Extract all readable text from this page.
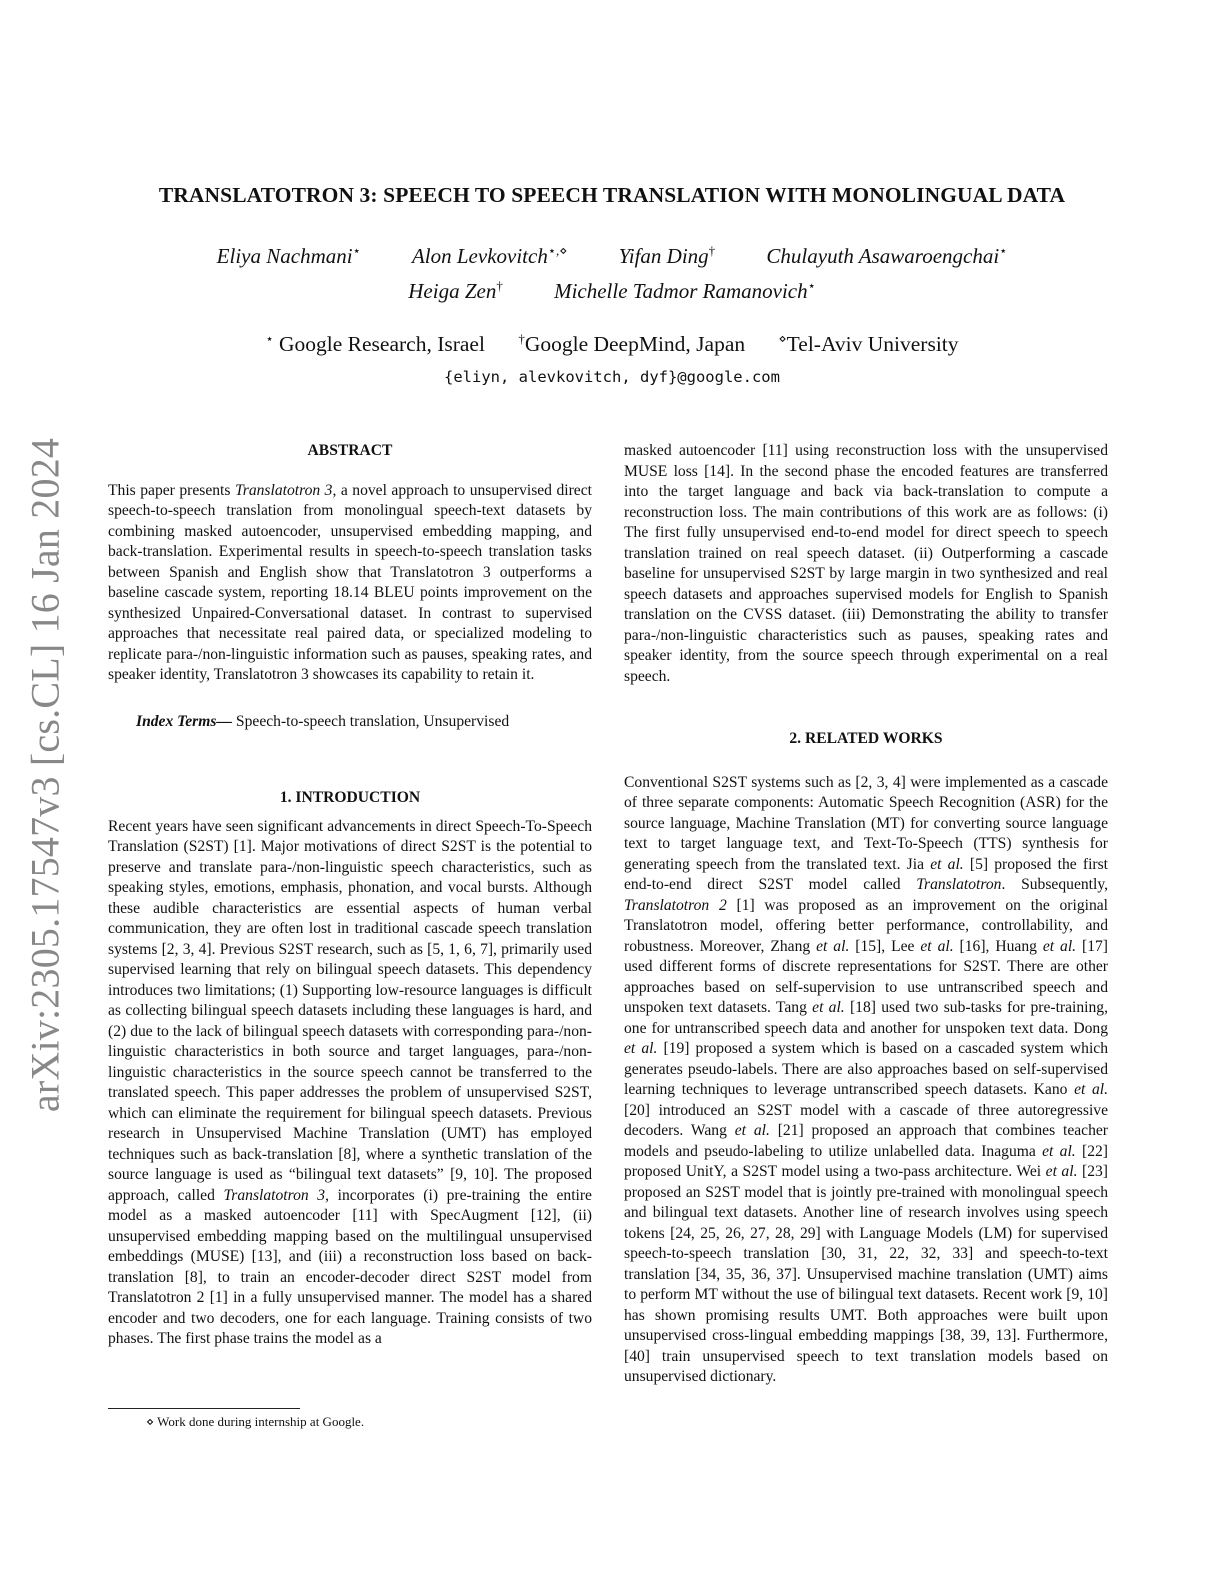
arXiv:2305.17547v3 [cs.CL] 16 Jan 2024
TRANSLATOTRON 3: SPEECH TO SPEECH TRANSLATION WITH MONOLINGUAL DATA
Eliya Nachmani⋆ Alon Levkovitch⋆,⋄ Yifan Ding† Chulayuth Asawaroengchai⋆
Heiga Zen† Michelle Tadmor Ramanovich⋆
⋆ Google Research, Israel	†Google DeepMind, Japan	⋄Tel-Aviv University
{eliyn, alevkovitch, dyf}@google.com
ABSTRACT

This paper presents Translatotron 3, a novel approach to unsupervised direct speech-to-speech translation from monolingual speech-text datasets by combining masked autoencoder, unsupervised embedding mapping, and back-translation. Experimental results in speech-to-speech translation tasks between Spanish and English show that Translatotron 3 outperforms a baseline cascade system, reporting 18.14 BLEU points improvement on the synthesized Unpaired-Conversational dataset. In contrast to supervised approaches that necessitate real paired data, or specialized modeling to replicate para-/non-linguistic information such as pauses, speaking rates, and speaker identity, Translatotron 3 showcases its capability to retain it.

Index Terms— Speech-to-speech translation, Unsupervised
1. INTRODUCTION

Recent years have seen significant advancements in direct Speech-To-Speech Translation (S2ST) [1]. Major motivations of direct S2ST is the potential to preserve and translate para-/non-linguistic speech characteristics, such as speaking styles, emotions, emphasis, phonation, and vocal bursts. Although these audible characteristics are essential aspects of human verbal communication, they are often lost in traditional cascade speech translation systems [2, 3, 4]. Previous S2ST research, such as [5, 1, 6, 7], primarily used supervised learning that rely on bilingual speech datasets. This dependency introduces two limitations; (1) Supporting low-resource languages is difficult as collecting bilingual speech datasets including these languages is hard, and (2) due to the lack of bilingual speech datasets with corresponding para-/non-linguistic characteristics in both source and target languages, para-/non-linguistic characteristics in the source speech cannot be transferred to the translated speech. This paper addresses the problem of unsupervised S2ST, which can eliminate the requirement for bilingual speech datasets. Previous research in Unsupervised Machine Translation (UMT) has employed techniques such as back-translation [8], where a synthetic translation of the source language is used as “bilingual text datasets” [9, 10]. The proposed approach, called Translatotron 3, incorporates (i) pre-training the entire model as a masked autoencoder [11] with SpecAugment [12], (ii) unsupervised embedding mapping based on the multilingual unsupervised embeddings (MUSE) [13], and (iii) a reconstruction loss based on back-translation [8], to train an encoder-decoder direct S2ST model from Translatotron 2 [1] in a fully unsupervised manner. The model has a shared encoder and two decoders, one for each language. Training consists of two phases. The first phase trains the model as a

⋄ Work done during internship at Google.

masked autoencoder [11] using reconstruction loss with the unsupervised MUSE loss [14]. In the second phase the encoded features are transferred into the target language and back via back-translation to compute a reconstruction loss. The main contributions of this work are as follows: (i) The first fully unsupervised end-to-end model for direct speech to speech translation trained on real speech dataset. (ii) Outperforming a cascade baseline for unsupervised S2ST by large margin in two synthesized and real speech datasets and approaches supervised models for English to Spanish translation on the CVSS dataset. (iii) Demonstrating the ability to transfer para-/non-linguistic characteristics such as pauses, speaking rates and speaker identity, from the source speech through experimental on a real speech.

2. RELATED WORKS

Conventional S2ST systems such as [2, 3, 4] were implemented as a cascade of three separate components: Automatic Speech Recognition (ASR) for the source language, Machine Translation (MT) for converting source language text to target language text, and Text-To-Speech (TTS) synthesis for generating speech from the translated text. Jia et al. [5] proposed the first end-to-end direct S2ST model called Translatotron. Subsequently, Translatotron 2 [1] was proposed as an improvement on the original Translatotron model, offering better performance, controllability, and robustness. Moreover, Zhang et al. [15], Lee et al. [16], Huang et al. [17] used different forms of discrete representations for S2ST. There are other approaches based on self-supervision to use untranscribed speech and unspoken text datasets. Tang et al. [18] used two sub-tasks for pre-training, one for untranscribed speech data and another for unspoken text data. Dong et al. [19] proposed a system which is based on a cascaded system which generates pseudo-labels. There are also approaches based on self-supervised learning techniques to leverage untranscribed speech datasets. Kano et al. [20] introduced an S2ST model with a cascade of three autoregressive decoders. Wang et al. [21] proposed an approach that combines teacher models and pseudo-labeling to utilize unlabelled data. Inaguma et al. [22] proposed UnitY, a S2ST model using a two-pass architecture. Wei et al. [23] proposed an S2ST model that is jointly pre-trained with monolingual speech and bilingual text datasets. Another line of research involves using speech tokens [24, 25, 26, 27, 28, 29] with Language Models (LM) for supervised speech-to-speech translation [30, 31, 22, 32, 33] and speech-to-text translation [34, 35, 36, 37]. Unsupervised machine translation (UMT) aims to perform MT without the use of bilingual text datasets. Recent work [9, 10] has shown promising results UMT. Both approaches were built upon unsupervised cross-lingual embedding mappings [38, 39, 13]. Furthermore, [40] train unsupervised speech to text translation models based on unsupervised dictionary.
